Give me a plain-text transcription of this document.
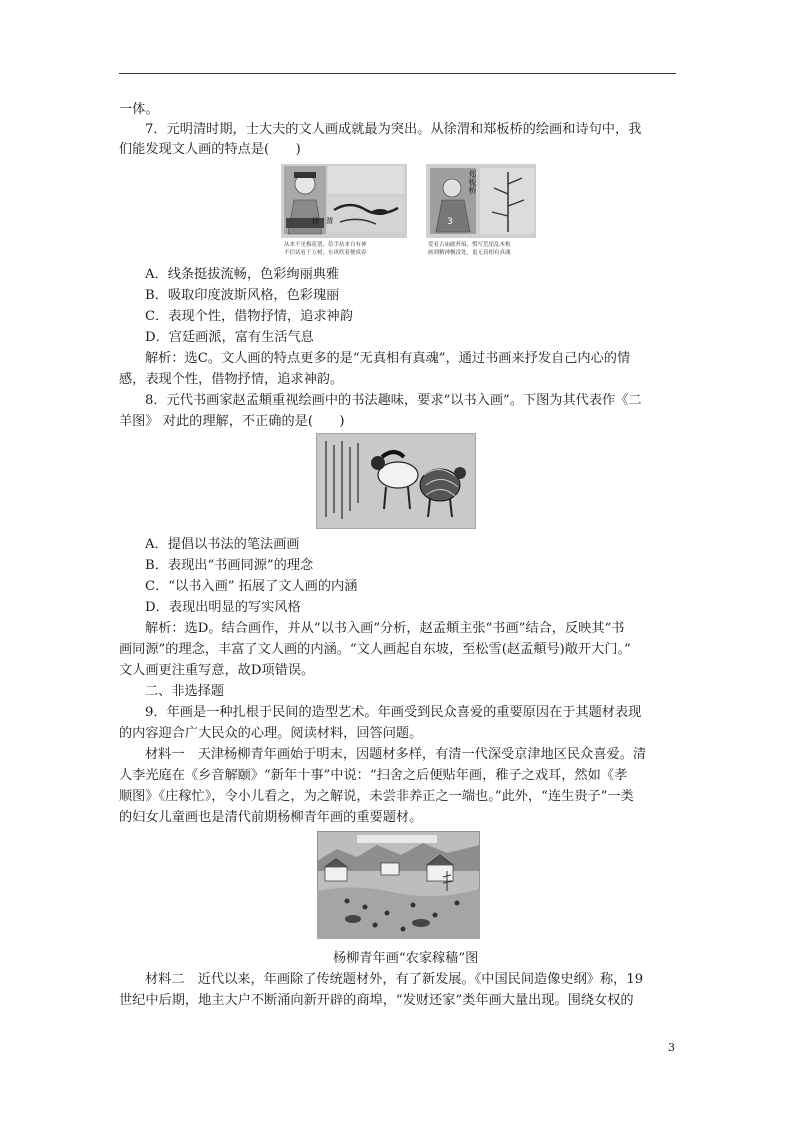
一体。
7．元明清时期，士大夫的文人画成就最为突出。从徐渭和郑板桥的绘画和诗句中，我
们能发现文人画的特点是(　　)
3
徐　渭
郑板桥
从来不见梅花谱，信手拈来自有神
不信试看千万树，东风吹着便成春
爱看古庙破苔痕，慣写荒崖乱木根
画到精神飘没处，更无真相有真魂
A．线条挺拔流畅，色彩绚丽典雅
B．吸取印度波斯风格，色彩瑰丽
C．表现个性，借物抒情，追求神韵
D．宫廷画派，富有生活气息
解析：选C。文人画的特点更多的是“无真相有真魂”，通过书画来抒发自己内心的情
感，表现个性，借物抒情，追求神韵。
8．元代书画家赵孟頫重视绘画中的书法趣味，要求“以书入画”。下图为其代表作《二
羊图》 对此的理解，不正确的是(　　)
A．提倡以书法的笔法画画
B．表现出“书画同源”的理念
C．“以书入画” 拓展了文人画的内涵
D．表现出明显的写实风格
解析：选D。结合画作，并从“以书入画”分析，赵孟頫主张“书画”结合，反映其“书
画同源”的理念，丰富了文人画的内涵。“文人画起自东坡，至松雪(赵孟頫号)敞开大门。”
文人画更注重写意，故D项错误。
二、非选择题
9．年画是一种扎根于民间的造型艺术。年画受到民众喜爱的重要原因在于其题材表现
的内容迎合广大民众的心理。阅读材料，回答问题。
材料一　天津杨柳青年画始于明末，因题材多样，有清一代深受京津地区民众喜爱。清
人李光庭在《乡音解颐》“新年十事”中说：“扫舍之后便贴年画，稚子之戏耳，然如《孝
顺图》《庄稼忙》，令小儿看之，为之解说，未尝非养正之一端也。”此外，“连生贵子”一类
的妇女儿童画也是清代前期杨柳青年画的重要题材。
杨柳青年画“农家稼穑”图
材料二　近代以来，年画除了传统题材外，有了新发展。《中国民间造像史纲》称，19
世纪中后期，地主大户不断涌向新开辟的商埠，“发财还家”类年画大量出现。围绕女权的
3
